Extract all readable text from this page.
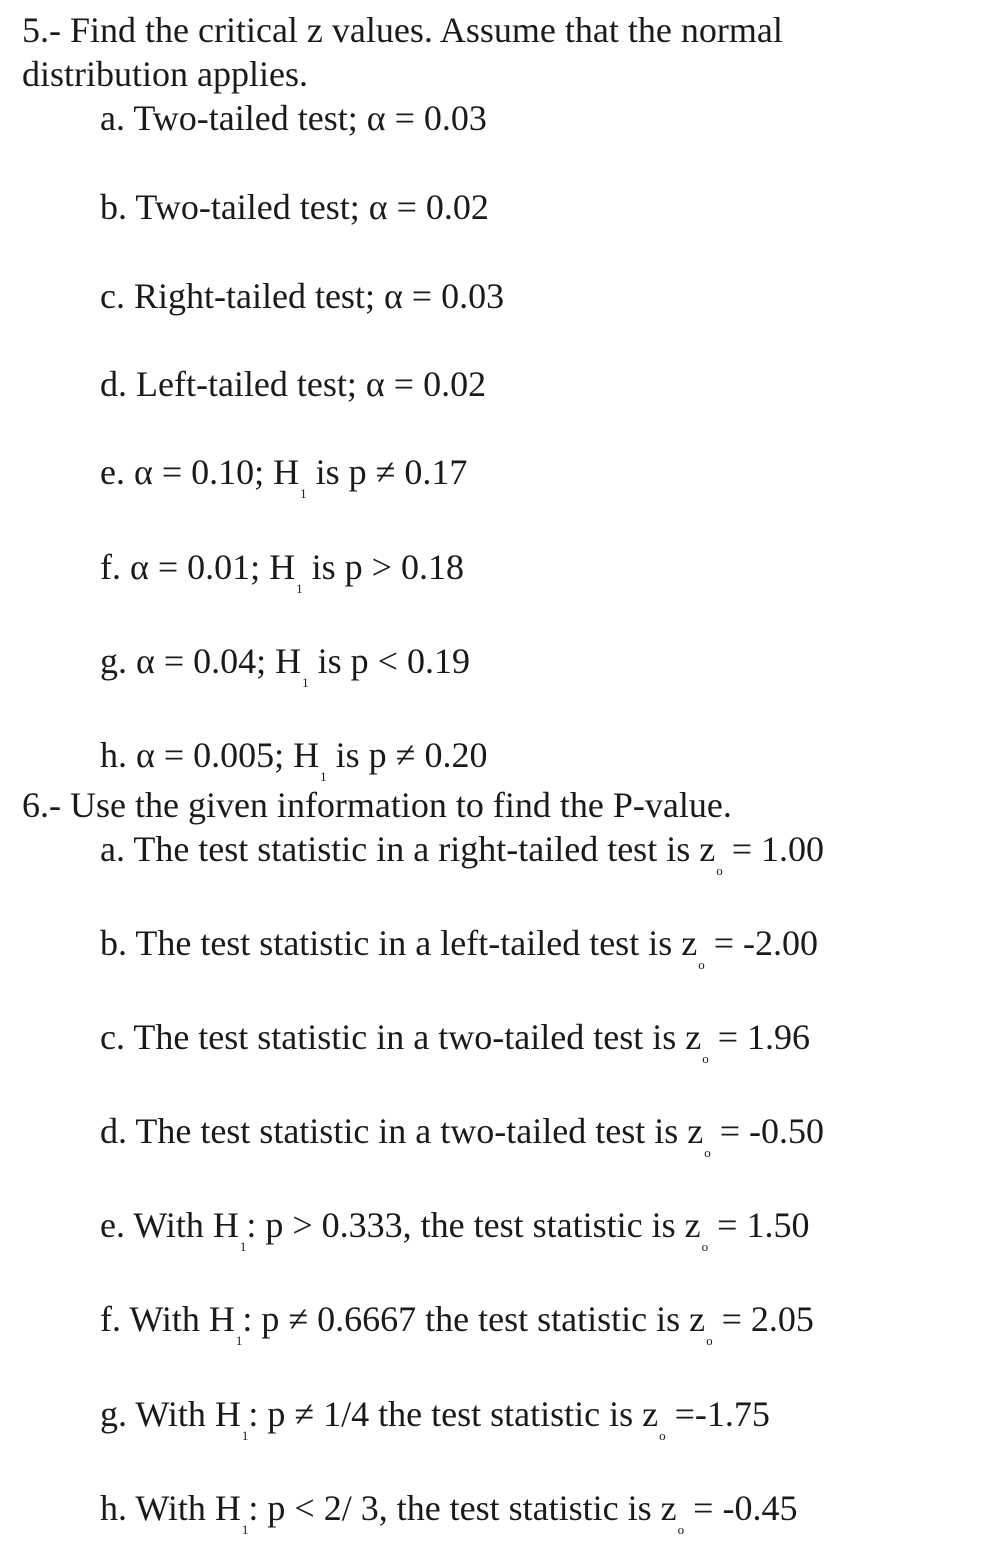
5.- Find the critical z values. Assume that the normal
distribution applies.
a. Two-tailed test; α = 0.03
b. Two-tailed test; α = 0.02
c. Right-tailed test; α = 0.03
d. Left-tailed test; α = 0.02
e. α = 0.10; $H_1$ is p ≠ 0.17
f. α = 0.01; $H_1$ is p > 0.18
g. α = 0.04; $H_1$ is p < 0.19
h. α = 0.005; $H_1$ is p ≠ 0.20
6.- Use the given information to find the P-value.
a. The test statistic in a right-tailed test is $z_o = 1.00$
b. The test statistic in a left-tailed test is $z_o = -2.00$
c. The test statistic in a two-tailed test is $z_o = 1.96$
d. The test statistic in a two-tailed test is $z_o = -0.50$
e. With $H_1$: p > 0.333, the test statistic is $z_o = 1.50$
f. With $H_1$: p ≠ 0.6667 the test statistic is $z_o = 2.05$
g. With $H_1$: p ≠ 1/4 the test statistic is $z_o =-1.75$
h. With $H_1$: p < 2/ 3, the test statistic is $z_o = -0.45$
